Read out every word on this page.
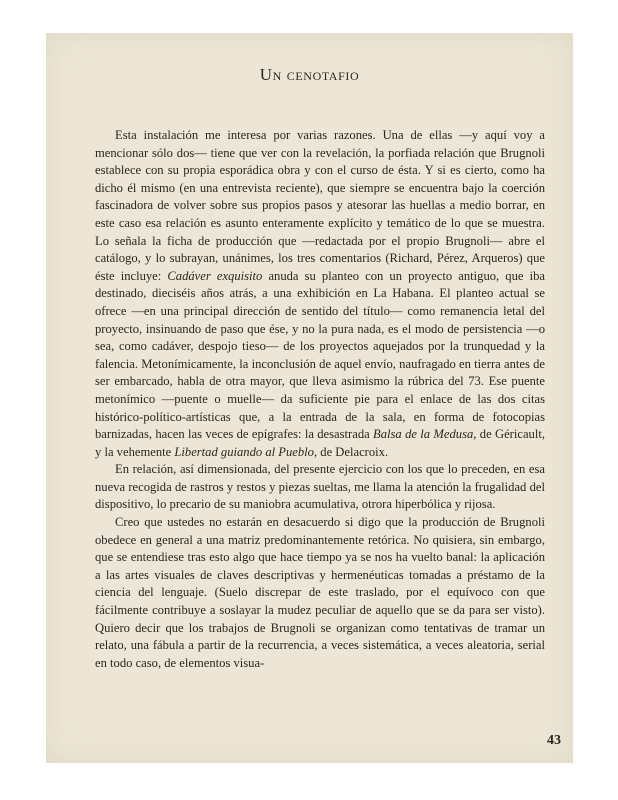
Un cenotafio

Esta instalación me interesa por varias razones. Una de ellas —y aquí voy a mencionar sólo dos— tiene que ver con la revelación, la porfiada relación que Brugnoli establece con su propia esporádica obra y con el curso de ésta. Y si es cierto, como ha dicho él mismo (en una entrevista reciente), que siempre se encuentra bajo la coerción fascinadora de volver sobre sus propios pasos y atesorar las huellas a medio borrar, en este caso esa relación es asunto enteramente explícito y temático de lo que se muestra. Lo señala la ficha de producción que —redactada por el propio Brugnoli— abre el catálogo, y lo subrayan, unánimes, los tres comentarios (Richard, Pérez, Arqueros) que éste incluye: Cadáver exquisito anuda su planteo con un proyecto antiguo, que iba destinado, dieciséis años atrás, a una exhibición en La Habana. El planteo actual se ofrece —en una principal dirección de sentido del título— como remanencia letal del proyecto, insinuando de paso que ése, y no la pura nada, es el modo de persistencia —o sea, como cadáver, despojo tieso— de los proyectos aquejados por la trunquedad y la falencia. Metonímicamente, la inconclusión de aquel envío, naufragado en tierra antes de ser embarcado, habla de otra mayor, que lleva asimismo la rúbrica del 73. Ese puente metonímico —puente o muelle— da suficiente pie para el enlace de las dos citas histórico-político-artísticas que, a la entrada de la sala, en forma de fotocopias barnizadas, hacen las veces de epígrafes: la desastrada Balsa de la Medusa, de Géricault, y la vehemente Libertad guiando al Pueblo, de Delacroix.

En relación, así dimensionada, del presente ejercicio con los que lo preceden, en esa nueva recogida de rastros y restos y piezas sueltas, me llama la atención la frugalidad del dispositivo, lo precario de su maniobra acumulativa, otrora hiperbólica y rijosa.

Creo que ustedes no estarán en desacuerdo si digo que la producción de Brugnoli obedece en general a una matriz predominantemente retórica. No quisiera, sin embargo, que se entendiese tras esto algo que hace tiempo ya se nos ha vuelto banal: la aplicación a las artes visuales de claves descriptivas y hermenéuticas tomadas a préstamo de la ciencia del lenguaje. (Suelo discrepar de este traslado, por el equívoco con que fácilmente contribuye a soslayar la mudez peculiar de aquello que se da para ser visto). Quiero decir que los trabajos de Brugnoli se organizan como tentativas de tramar un relato, una fábula a partir de la recurrencia, a veces sistemática, a veces aleatoria, serial en todo caso, de elementos visua-

43
